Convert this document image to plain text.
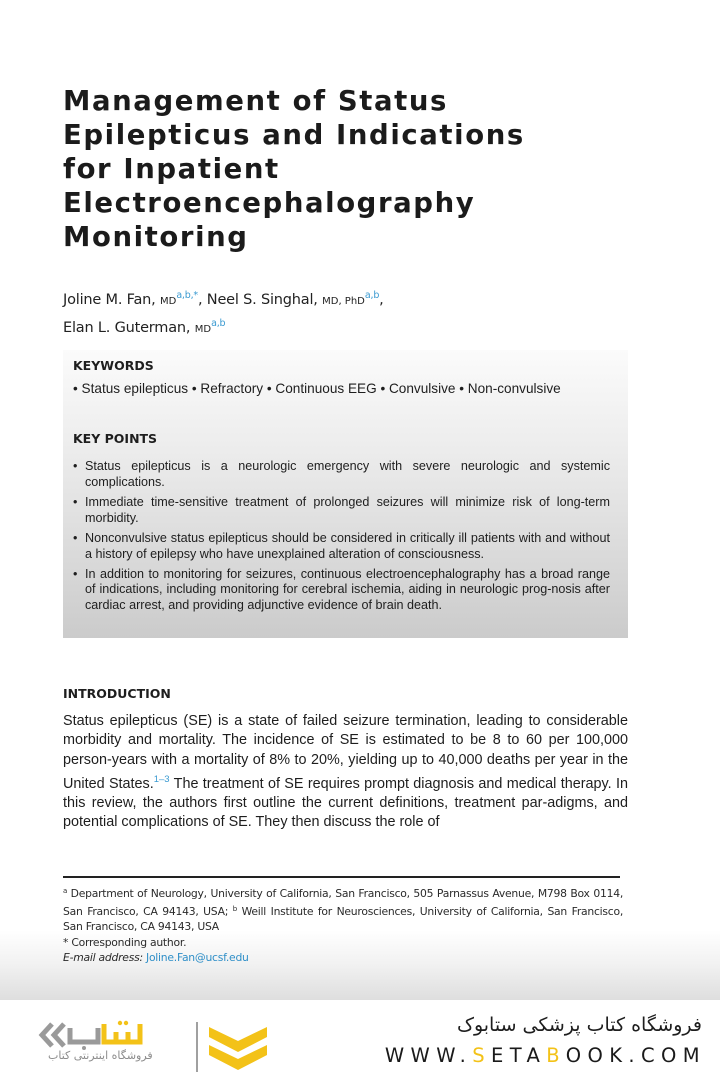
Management of Status
Epilepticus and Indications
for Inpatient
Electroencephalography
Monitoring
Joline M. Fan, $MD^{a,b,*}$, Neel S. Singhal, MD, PhD$^{a,b}$,
Elan L. Guterman, MD$^{a,b}$
KEYWORDS
• Status epilepticus • Refractory • Continuous EEG • Convulsive • Non-convulsive
KEY POINTS
• Status epilepticus is a neurologic emergency with severe neurologic and systemic complications.
• Immediate time-sensitive treatment of prolonged seizures will minimize risk of long-term morbidity.
• Nonconvulsive status epilepticus should be considered in critically ill patients with and without a history of epilepsy who have unexplained alteration of consciousness.
• In addition to monitoring for seizures, continuous electroencephalography has a broad range of indications, including monitoring for cerebral ischemia, aiding in neurologic prog-nosis after cardiac arrest, and providing adjunctive evidence of brain death.
INTRODUCTION
Status epilepticus (SE) is a state of failed seizure termination, leading to considerable morbidity and mortality. The incidence of SE is estimated to be 8 to 60 per 100,000 person-years with a mortality of 8% to 20%, yielding up to 40,000 deaths per year in the United States.$^{1-3}$ The treatment of SE requires prompt diagnosis and medical therapy. In this review, the authors first outline the current definitions, treatment par-adigms, and potential complications of SE. They then discuss the role of
$^a$ Department of Neurology, University of California, San Francisco, 505 Parnassus Avenue, M798 Box 0114, San Francisco, CA 94143, USA; $^b$ Weill Institute for Neurosciences, University of California, San Francisco, San Francisco, CA 94143, USA
* Corresponding author.
E-mail address: Joline.Fan@ucsf.edu
فروشگاه اینترنتی کتاب
فروشگاه کتاب پزشکی ستابوک
WWW.SETABOOK.COM
